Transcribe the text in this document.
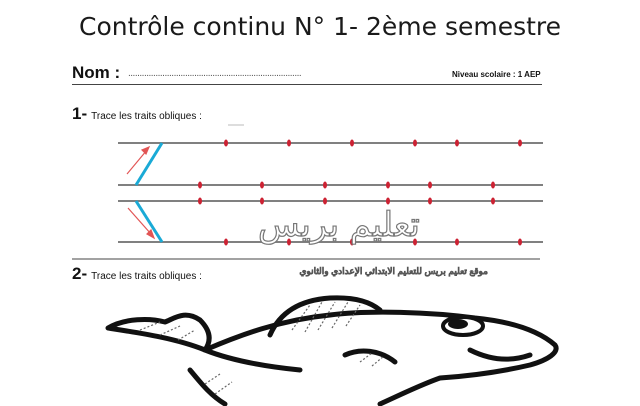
Contrôle continu N° 1- 2ème semestre
Nom : ............................................................................	Niveau scolaire : 1 AEP
1- Trace les traits obliques :
تعليم بريس
موقع تعليم بريس للتعليم الابتدائي الإعدادي والثانوي
2- Trace les traits obliques :
